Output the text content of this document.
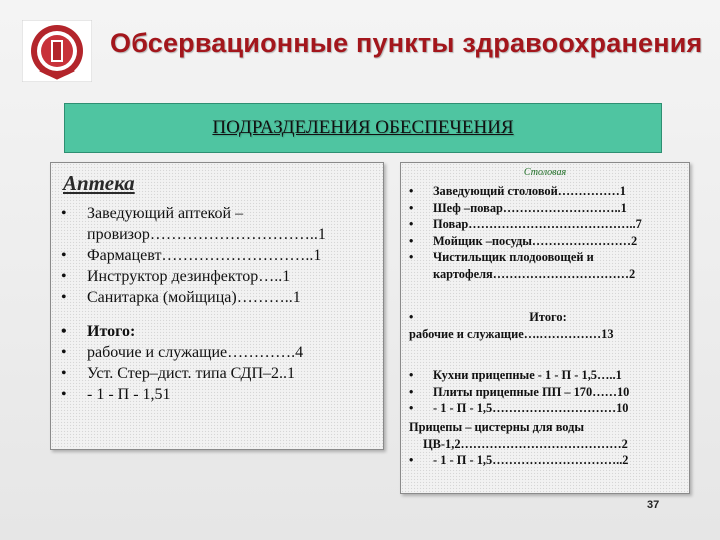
Обсервационные пункты здравоохранения
ПОДРАЗДЕЛЕНИЯ ОБЕСПЕЧЕНИЯ
Аптека
• Заведующий аптекой – провизор…………………………..1
• Фармацевт………………………..1
• Инструктор дезинфектор…..1
• Санитарка (мойщица)………..1
• Итого:
• рабочие и служащие………….4
• Уст. Стер–дист. типа СДП–2..1
• - 1 - П - 1,51
Столовая
• Заведующий столовой……………1
• Шеф –повар………………………..1
• Повар…………………………………..7
• Мойщик –посуды……………………2
• Чистильщик плодоовощей и картофеля……………………………2
• Итого:
рабочие и служащие….……………13
• Кухни прицепные - 1 - П - 1,5…..1
• Плиты прицепные ПП – 170……10
• - 1 - П - 1,5…………………………10
Прицепы – цистерны для воды
ЦВ-1,2…………………………………2
• - 1 - П - 1,5…………………………..2
37
